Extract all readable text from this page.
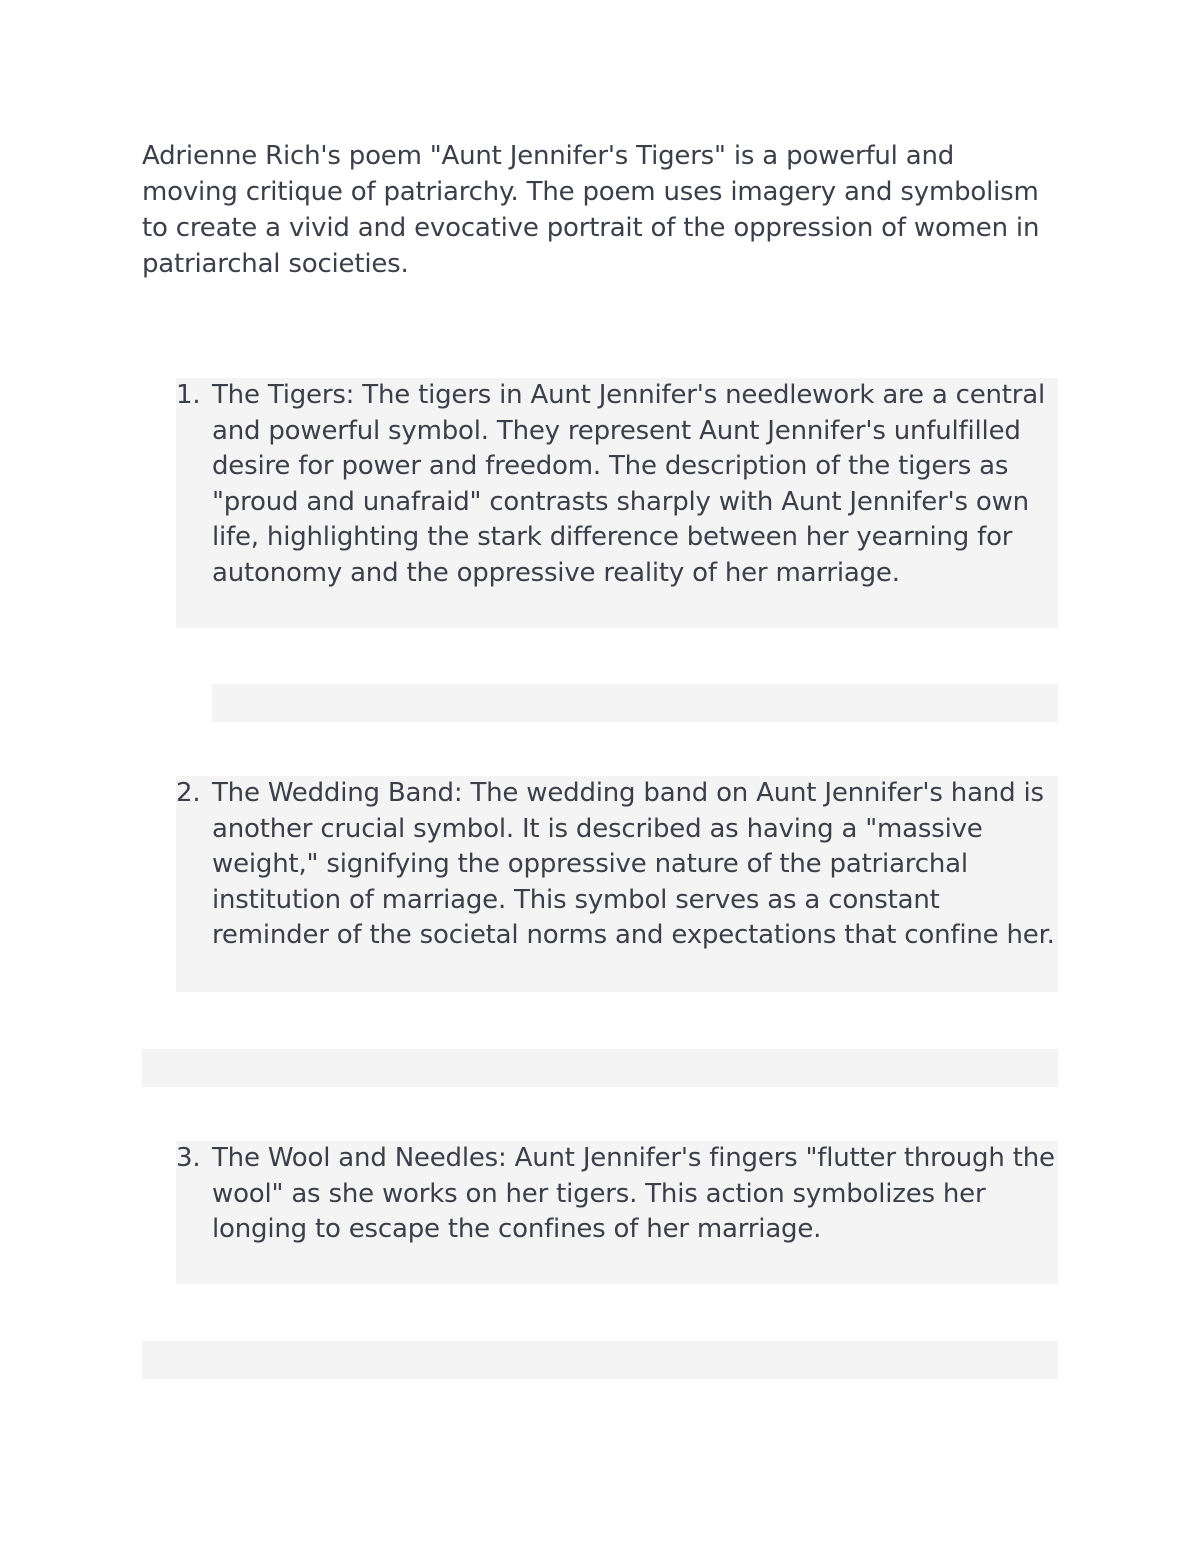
Adrienne Rich's poem "Aunt Jennifer's Tigers" is a powerful and moving critique of patriarchy. The poem uses imagery and symbolism to create a vivid and evocative portrait of the oppression of women in patriarchal societies.

1. The Tigers: The tigers in Aunt Jennifer's needlework are a central and powerful symbol. They represent Aunt Jennifer's unfulfilled desire for power and freedom. The description of the tigers as "proud and unafraid" contrasts sharply with Aunt Jennifer's own life, highlighting the stark difference between her yearning for autonomy and the oppressive reality of her marriage.
2. The Wedding Band: The wedding band on Aunt Jennifer's hand is another crucial symbol. It is described as having a "massive weight," signifying the oppressive nature of the patriarchal institution of marriage. This symbol serves as a constant reminder of the societal norms and expectations that confine her.
3. The Wool and Needles: Aunt Jennifer's fingers "flutter through the wool" as she works on her tigers. This action symbolizes her longing to escape the confines of her marriage.
